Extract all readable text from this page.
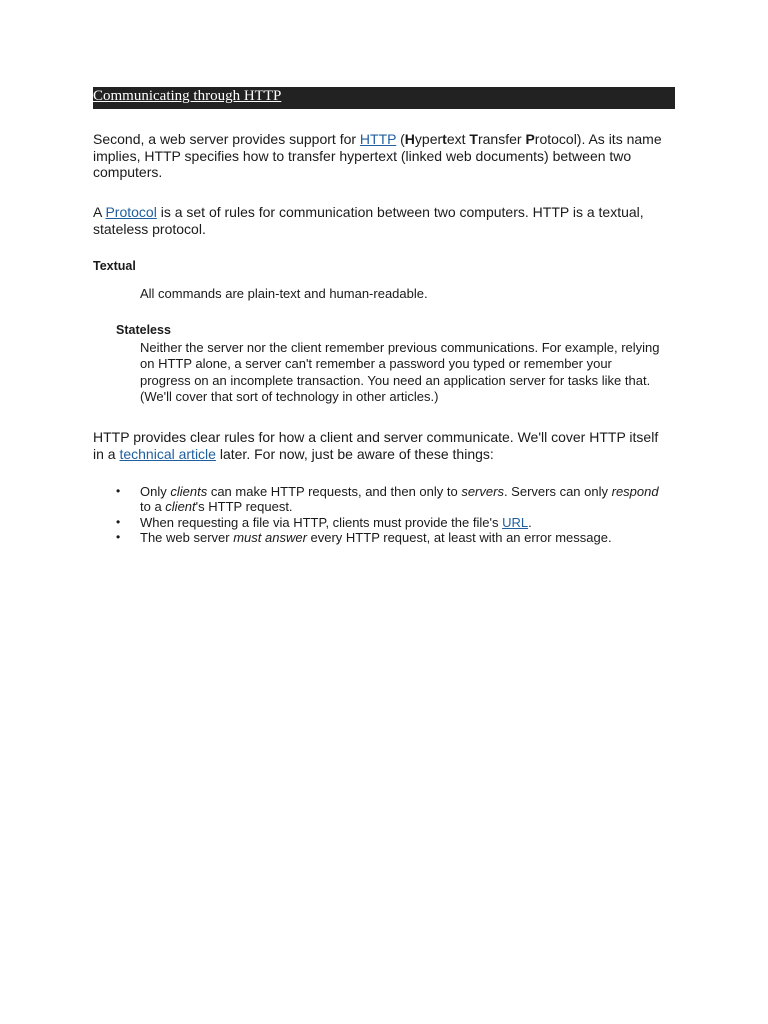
Communicating through HTTP

Second, a web server provides support for HTTP (Hypertext Transfer Protocol). As its name implies, HTTP specifies how to transfer hypertext (linked web documents) between two computers.

A Protocol is a set of rules for communication between two computers. HTTP is a textual, stateless protocol.

Textual

All commands are plain-text and human-readable.

Stateless

Neither the server nor the client remember previous communications. For example, relying on HTTP alone, a server can't remember a password you typed or remember your progress on an incomplete transaction. You need an application server for tasks like that. (We'll cover that sort of technology in other articles.)

HTTP provides clear rules for how a client and server communicate. We'll cover HTTP itself in a technical article later. For now, just be aware of these things:

• Only clients can make HTTP requests, and then only to servers. Servers can only respond to a client's HTTP request.
• When requesting a file via HTTP, clients must provide the file's URL.
• The web server must answer every HTTP request, at least with an error message.
